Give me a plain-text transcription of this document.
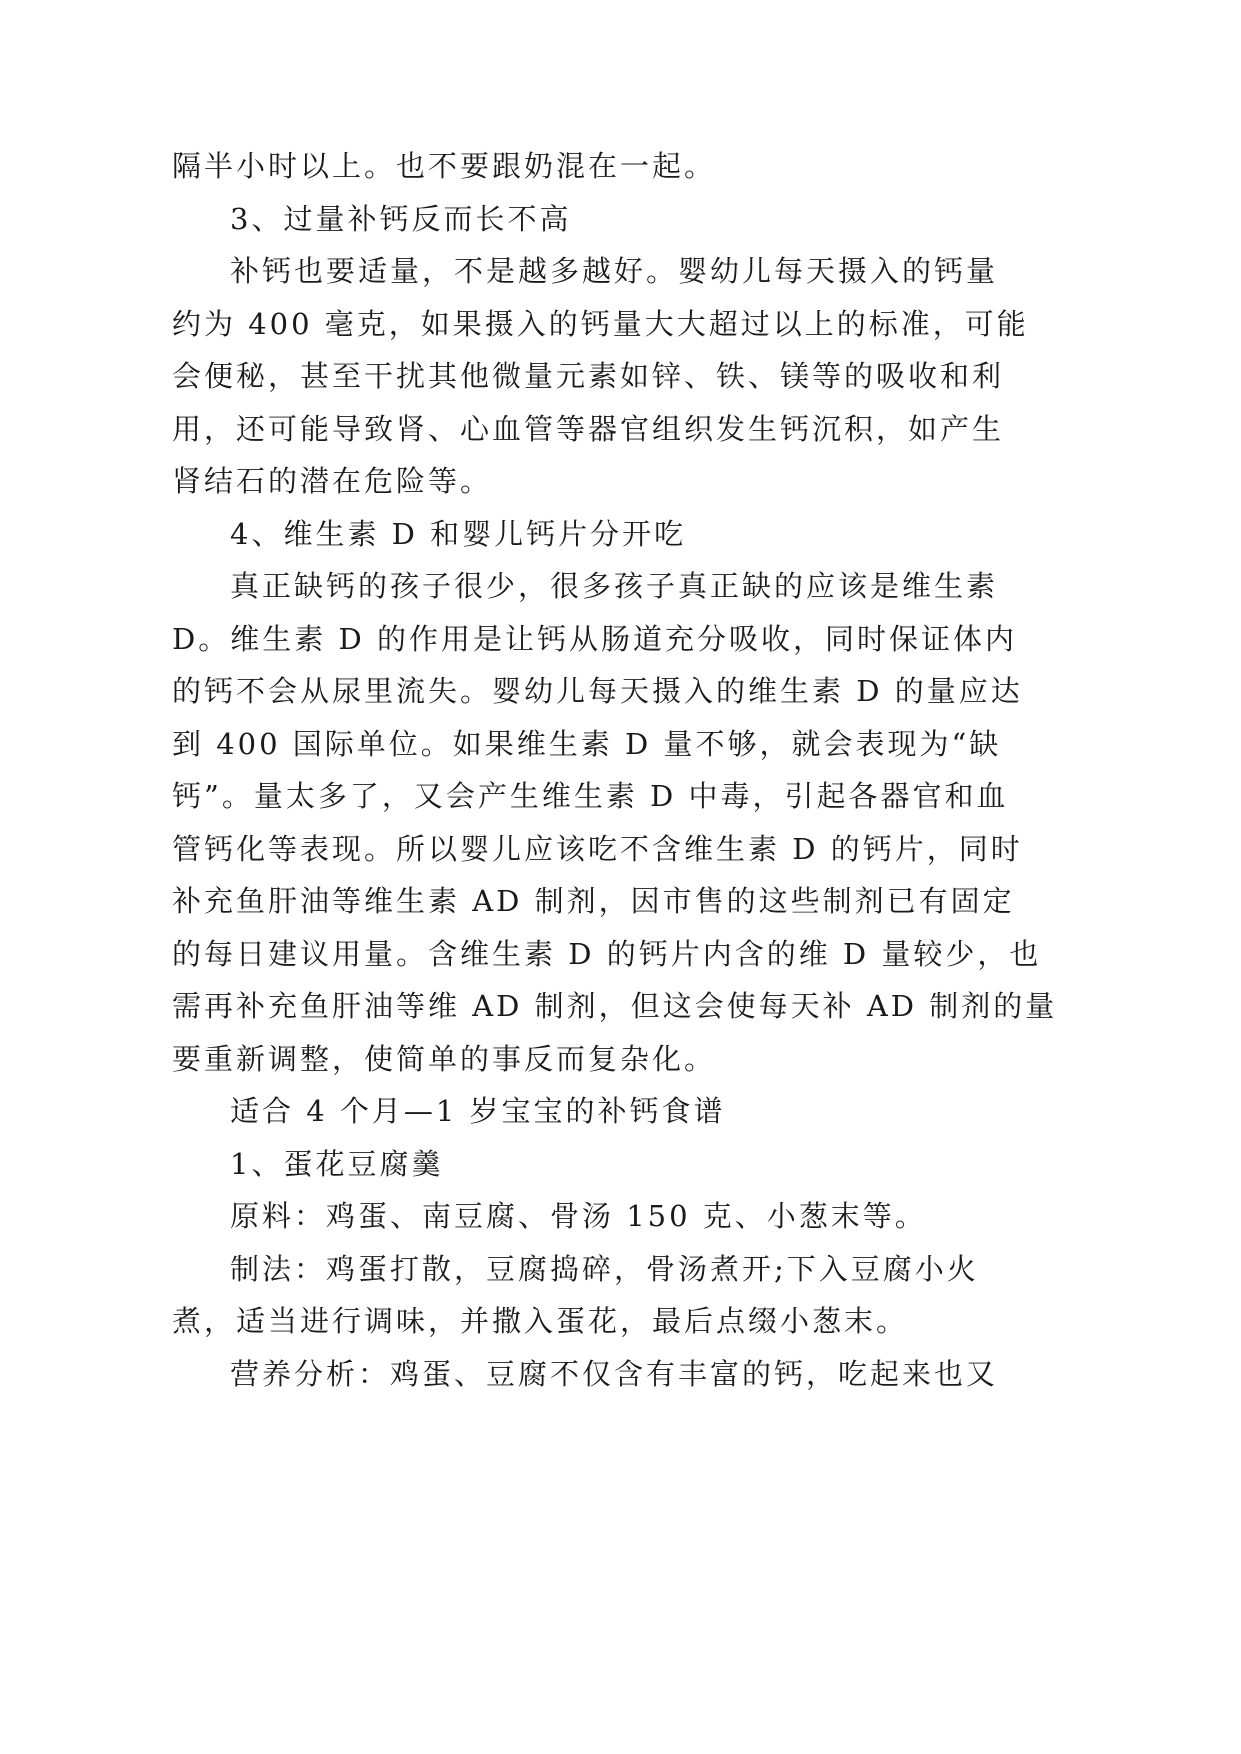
隔半小时以上。也不要跟奶混在一起。
3、过量补钙反而长不高
补钙也要适量，不是越多越好。婴幼儿每天摄入的钙量
约为 400 毫克，如果摄入的钙量大大超过以上的标准，可能
会便秘，甚至干扰其他微量元素如锌、铁、镁等的吸收和利
用，还可能导致肾、心血管等器官组织发生钙沉积，如产生
肾结石的潜在危险等。
4、维生素 D 和婴儿钙片分开吃
真正缺钙的孩子很少，很多孩子真正缺的应该是维生素
D。维生素 D 的作用是让钙从肠道充分吸收，同时保证体内
的钙不会从尿里流失。婴幼儿每天摄入的维生素 D 的量应达
到 400 国际单位。如果维生素 D 量不够，就会表现为“缺
钙”。量太多了，又会产生维生素 D 中毒，引起各器官和血
管钙化等表现。所以婴儿应该吃不含维生素 D 的钙片，同时
补充鱼肝油等维生素 AD 制剂，因市售的这些制剂已有固定
的每日建议用量。含维生素 D 的钙片内含的维 D 量较少，也
需再补充鱼肝油等维 AD 制剂，但这会使每天补 AD 制剂的量
要重新调整，使简单的事反而复杂化。
适合 4 个月—1 岁宝宝的补钙食谱
1、蛋花豆腐羹
原料：鸡蛋、南豆腐、骨汤 150 克、小葱末等。
制法：鸡蛋打散，豆腐捣碎，骨汤煮开;下入豆腐小火
煮，适当进行调味，并撒入蛋花，最后点缀小葱末。
营养分析：鸡蛋、豆腐不仅含有丰富的钙，吃起来也又
